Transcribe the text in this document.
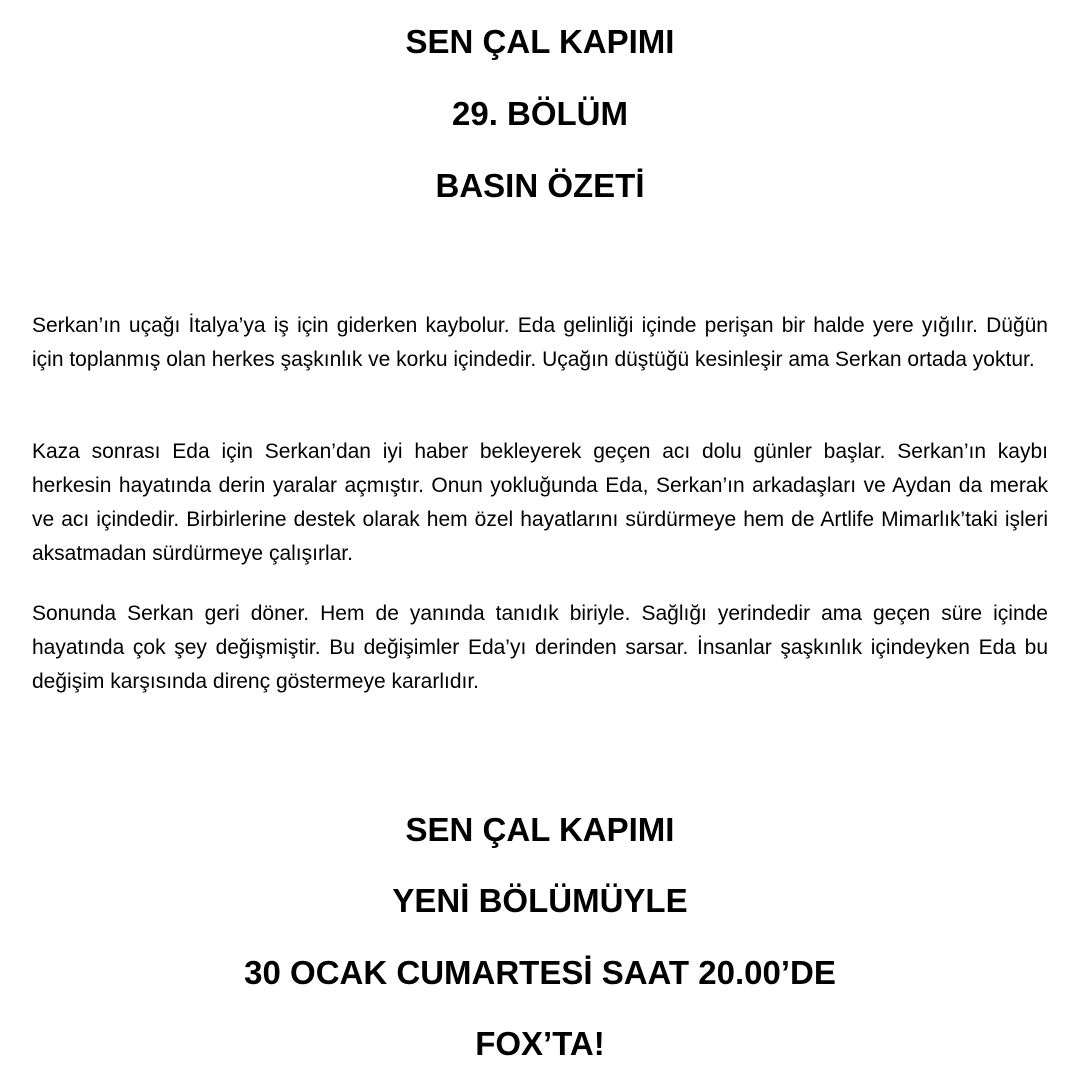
SEN ÇAL KAPIMI
29. BÖLÜM
BASIN ÖZETİ

Serkan’ın uçağı İtalya’ya iş için giderken kaybolur. Eda gelinliği içinde perişan bir halde yere yığılır. Düğün için toplanmış olan herkes şaşkınlık ve korku içindedir. Uçağın düştüğü kesinleşir ama Serkan ortada yoktur.

Kaza sonrası Eda için Serkan’dan iyi haber bekleyerek geçen acı dolu günler başlar. Serkan’ın kaybı herkesin hayatında derin yaralar açmıştır. Onun yokluğunda Eda, Serkan’ın arkadaşları ve Aydan da merak ve acı içindedir. Birbirlerine destek olarak hem özel hayatlarını sürdürmeye hem de Artlife Mimarlık’taki işleri aksatmadan sürdürmeye çalışırlar.

Sonunda Serkan geri döner. Hem de yanında tanıdık biriyle. Sağlığı yerindedir ama geçen süre içinde hayatında çok şey değişmiştir. Bu değişimler Eda’yı derinden sarsar. İnsanlar şaşkınlık içindeyken Eda bu değişim karşısında direnç göstermeye kararlıdır.

SEN ÇAL KAPIMI
YENİ BÖLÜMÜYLE
30 OCAK CUMARTESİ SAAT 20.00’DE
FOX’TA!
